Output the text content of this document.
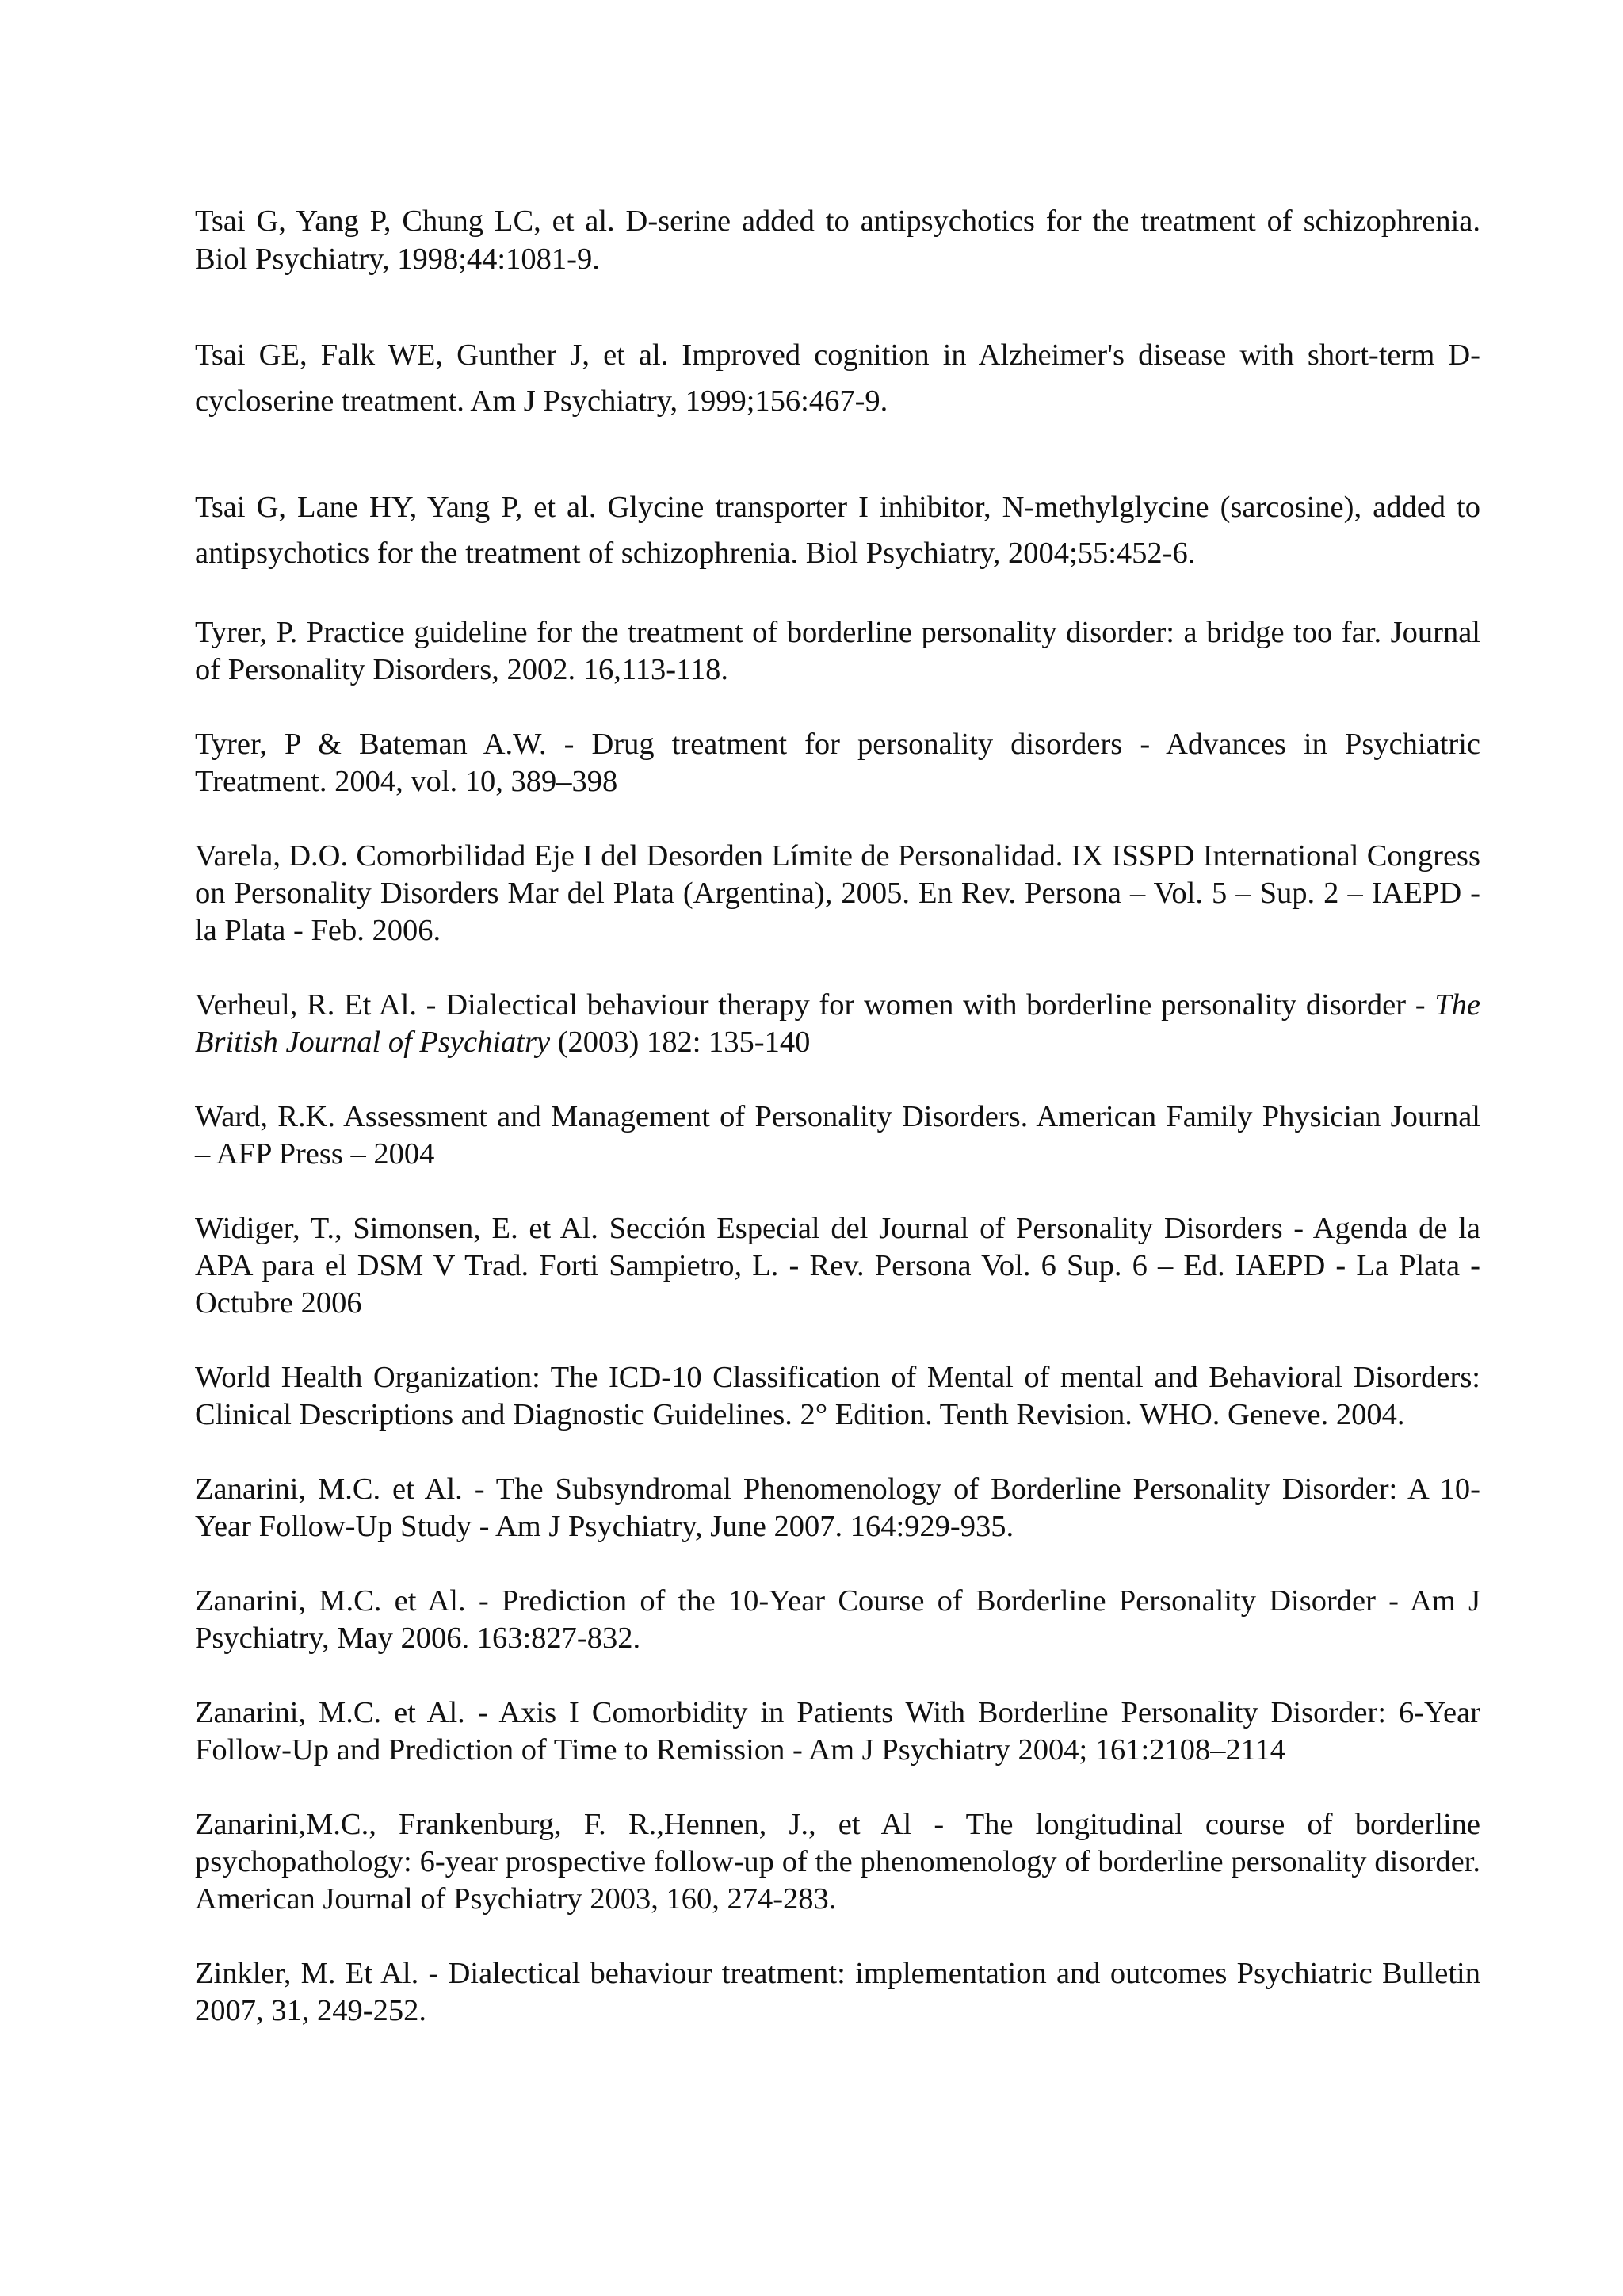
Tsai G, Yang P, Chung LC, et al. D-serine added to antipsychotics for the treatment of schizophrenia. Biol Psychiatry, 1998;44:1081-9.

Tsai GE, Falk WE, Gunther J, et al. Improved cognition in Alzheimer's disease with short-term D-cycloserine treatment. Am J Psychiatry, 1999;156:467-9.

Tsai G, Lane HY, Yang P, et al. Glycine transporter I inhibitor, N-methylglycine (sarcosine), added to antipsychotics for the treatment of schizophrenia. Biol Psychiatry, 2004;55:452-6.

Tyrer, P. Practice guideline for the treatment of borderline personality disorder: a bridge too far. Journal of Personality Disorders, 2002. 16,113-118.

Tyrer, P & Bateman A.W. - Drug treatment for personality disorders - Advances in Psychiatric Treatment. 2004, vol. 10, 389–398

Varela, D.O. Comorbilidad Eje I del Desorden Límite de Personalidad. IX ISSPD International Congress on Personality Disorders Mar del Plata (Argentina), 2005. En Rev. Persona – Vol. 5 – Sup. 2 – IAEPD - la Plata - Feb. 2006.

Verheul, R. Et Al. - Dialectical behaviour therapy for women with borderline personality disorder - The British Journal of Psychiatry (2003) 182: 135-140

Ward, R.K. Assessment and Management of Personality Disorders. American Family Physician Journal – AFP Press – 2004

Widiger, T., Simonsen, E. et Al. Sección Especial del Journal of Personality Disorders - Agenda de la APA para el DSM V Trad. Forti Sampietro, L. - Rev. Persona Vol. 6 Sup. 6 – Ed. IAEPD - La Plata - Octubre 2006

World Health Organization: The ICD-10 Classification of Mental of mental and Behavioral Disorders: Clinical Descriptions and Diagnostic Guidelines. 2° Edition. Tenth Revision. WHO. Geneve. 2004.

Zanarini, M.C. et Al. - The Subsyndromal Phenomenology of Borderline Personality Disorder: A 10-Year Follow-Up Study - Am J Psychiatry, June 2007. 164:929-935.

Zanarini, M.C. et Al. - Prediction of the 10-Year Course of Borderline Personality Disorder - Am J Psychiatry, May 2006. 163:827-832.

Zanarini, M.C. et Al. - Axis I Comorbidity in Patients With Borderline Personality Disorder: 6-Year Follow-Up and Prediction of Time to Remission - Am J Psychiatry 2004; 161:2108–2114

Zanarini,M.C., Frankenburg, F. R.,Hennen, J., et Al - The longitudinal course of borderline psychopathology: 6-year prospective follow-up of the phenomenology of borderline personality disorder. American Journal of Psychiatry 2003, 160, 274-283.

Zinkler, M. Et Al. - Dialectical behaviour treatment: implementation and outcomes Psychiatric Bulletin 2007, 31, 249-252.
